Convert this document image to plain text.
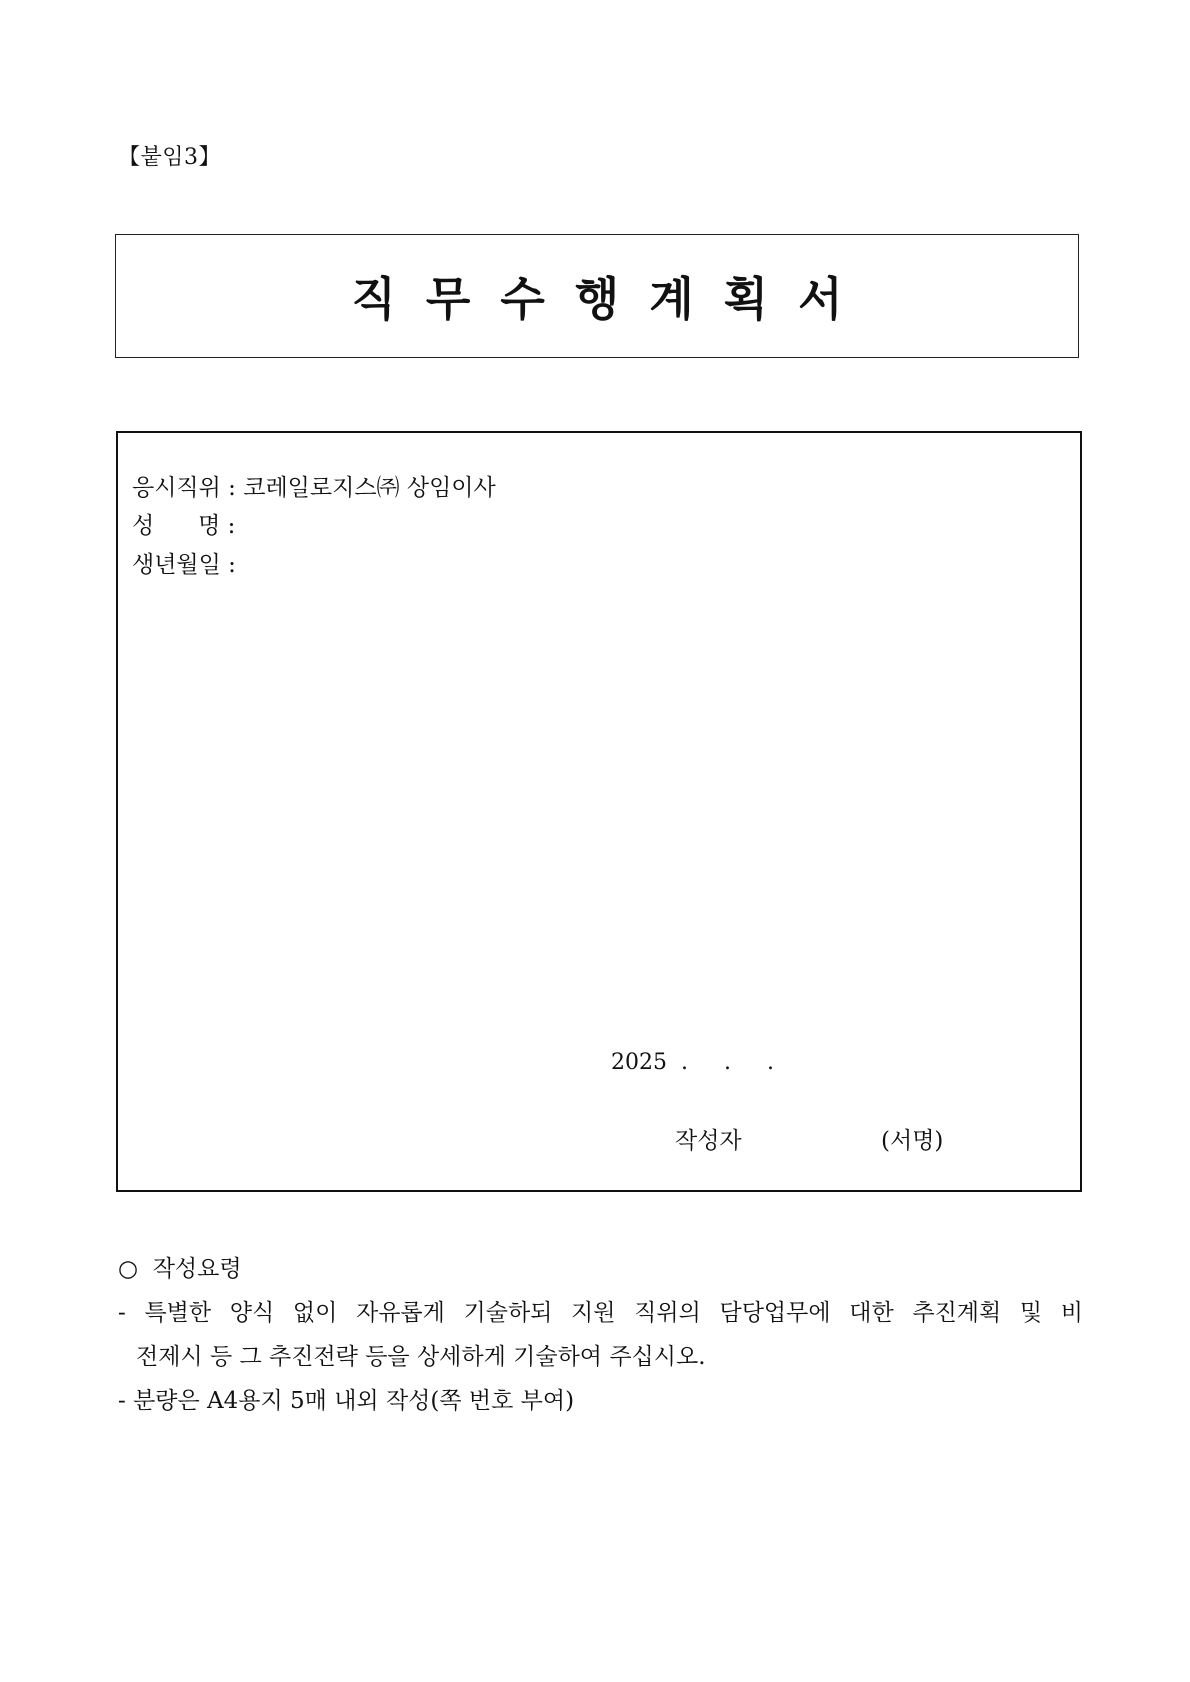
【붙임3】
직무수행계획서
응시직위 : 코레일로지스㈜ 상임이사
성      명 :
생년월일 :
2025 . . .
작성자	(서명)
○  작성요령
- 특별한 양식 없이 자유롭게 기술하되 지원 직위의 담당업무에 대한 추진계획 및 비
전제시 등 그 추진전략 등을 상세하게 기술하여 주십시오.
- 분량은 A4용지 5매 내외 작성(쪽 번호 부여)
